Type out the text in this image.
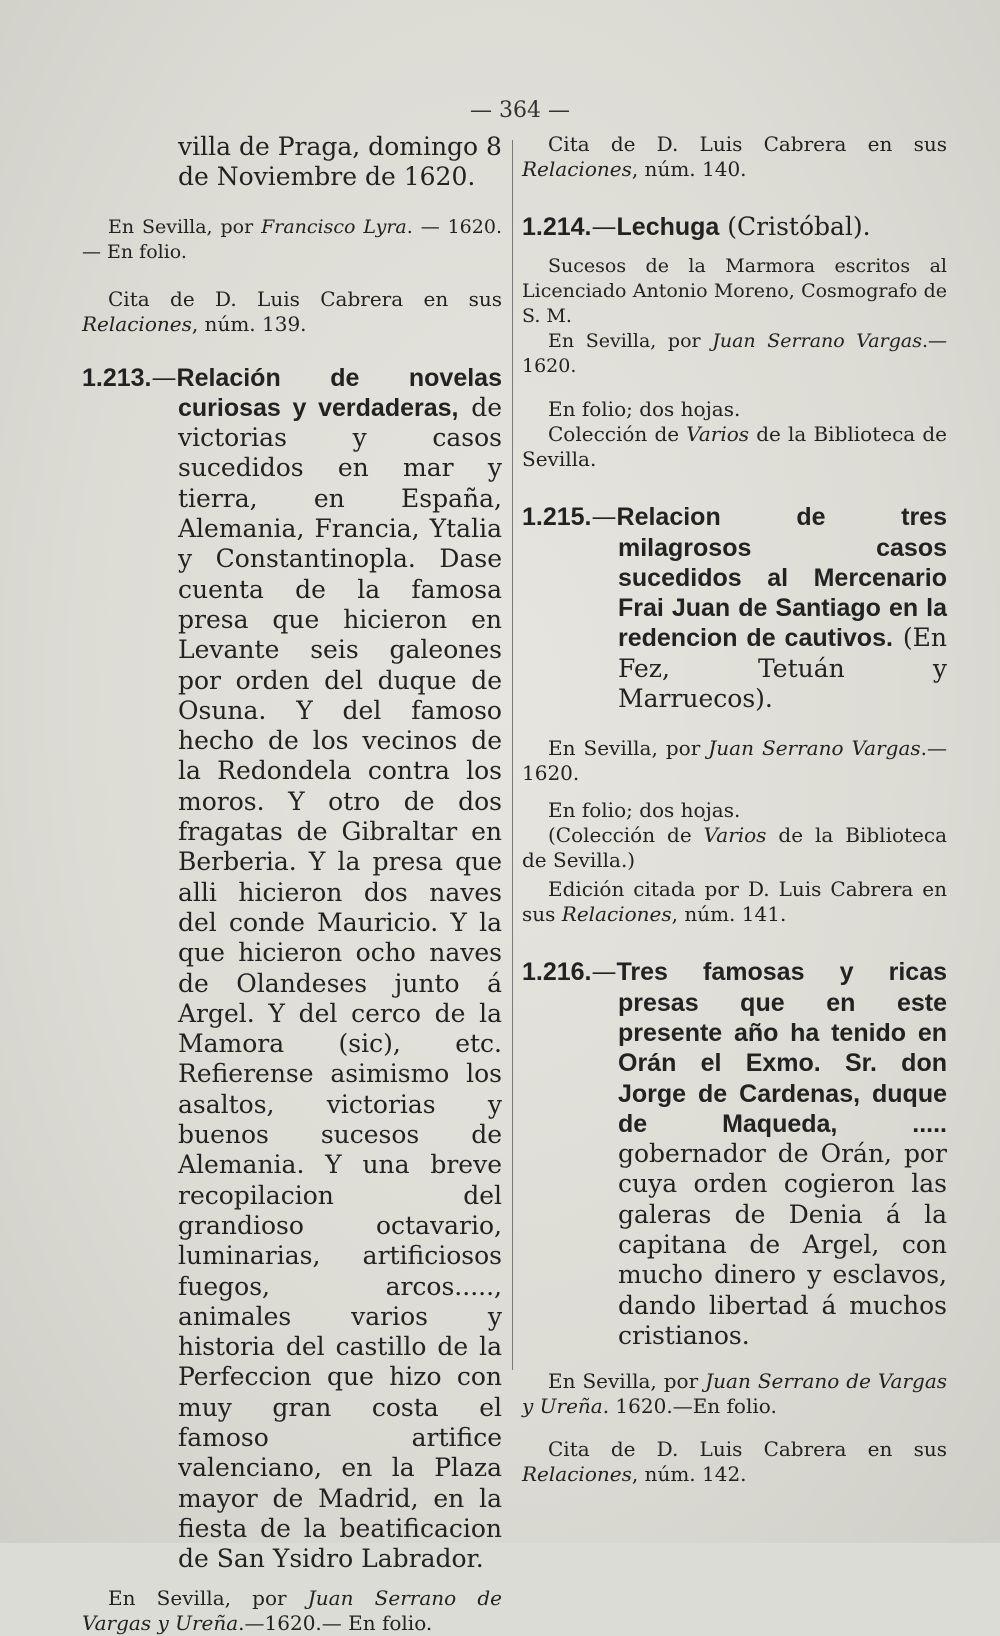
— 364 —

villa de Praga, domingo 8 de Noviembre de 1620.

En Sevilla, por Francisco Lyra. — 1620.— En folio.

Cita de D. Luis Cabrera en sus Relaciones, núm. 139.

1.213.—Relación de novelas curiosas y verdaderas, de victorias y casos sucedidos en mar y tierra, en España, Alemania, Francia, Ytalia y Constantinopla. Dase cuenta de la famosa presa que hicieron en Levante seis galeones por orden del duque de Osuna. Y del famoso hecho de los vecinos de la Redondela contra los moros. Y otro de dos fragatas de Gibraltar en Berberia. Y la presa que alli hicieron dos naves del conde Mauricio. Y la que hicieron ocho naves de Olandeses junto á Argel. Y del cerco de la Mamora (sic), etc. Refierense asimismo los asaltos, victorias y buenos sucesos de Alemania. Y una breve recopilacion del grandioso octavario, luminarias, artificiosos fuegos, arcos....., animales varios y historia del castillo de la Perfeccion que hizo con muy gran costa el famoso artifice valenciano, en la Plaza mayor de Madrid, en la fiesta de la beatificacion de San Ysidro Labrador.

En Sevilla, por Juan Serrano de Vargas y Ureña.—1620.— En folio.

Cita de D. Luis Cabrera en sus Relaciones, núm. 140.

1.214.—Lechuga (Cristóbal).

Sucesos de la Marmora escritos al Licenciado Antonio Moreno, Cosmografo de S. M.

En Sevilla, por Juan Serrano Vargas.— 1620.

En folio; dos hojas.

Colección de Varios de la Biblioteca de Sevilla.

1.215.—Relacion de tres milagrosos casos sucedidos al Mercenario Frai Juan de Santiago en la redencion de cautivos. (En Fez, Tetuán y Marruecos).

En Sevilla, por Juan Serrano Vargas.— 1620.

En folio; dos hojas.

(Colección de Varios de la Biblioteca de Sevilla.)

Edición citada por D. Luis Cabrera en sus Relaciones, núm. 141.

1.216.—Tres famosas y ricas presas que en este presente año ha tenido en Orán el Exmo. Sr. don Jorge de Cardenas, duque de Maqueda, ..... gobernador de Orán, por cuya orden cogieron las galeras de Denia á la capitana de Argel, con mucho dinero y esclavos, dando libertad á muchos cristianos.

En Sevilla, por Juan Serrano de Vargas y Ureña. 1620.—En folio.

Cita de D. Luis Cabrera en sus Relaciones, núm. 142.
